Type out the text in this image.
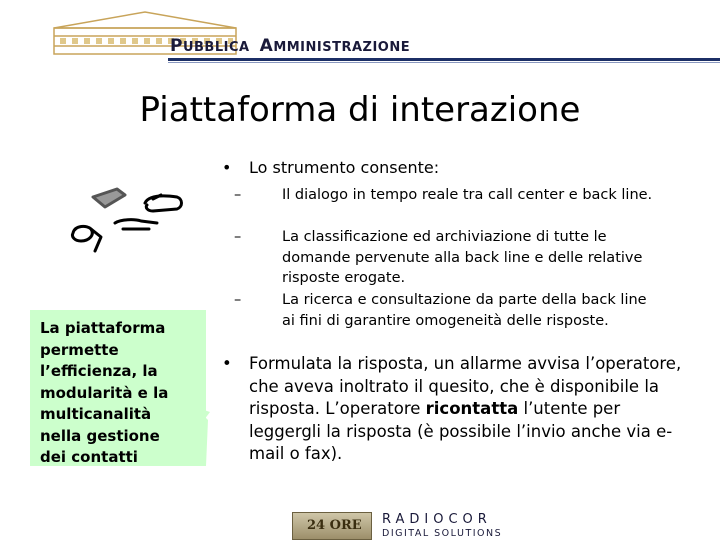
PUBBLICA AMMINISTRAZIONE
Piattaforma di interazione
La piattaforma permette l’efficienza, la modularità e la multicanalità nella gestione dei contatti
• Lo strumento consente:
–	Il dialogo in tempo reale tra call center e back line.
–	La classificazione ed archiviazione di tutte le domande pervenute alla back line e delle relative risposte erogate.
–	La ricerca e consultazione da parte della back line ai fini di garantire omogeneità delle risposte.
• Formulata la risposta, un allarme avvisa l’operatore, che aveva inoltrato il quesito, che è disponibile la risposta. L’operatore ricontatta l’utente per leggergli la risposta (è possibile l’invio anche via e-mail o fax).
24 ORE RADIOCOR
DIGITAL SOLUTIONS
